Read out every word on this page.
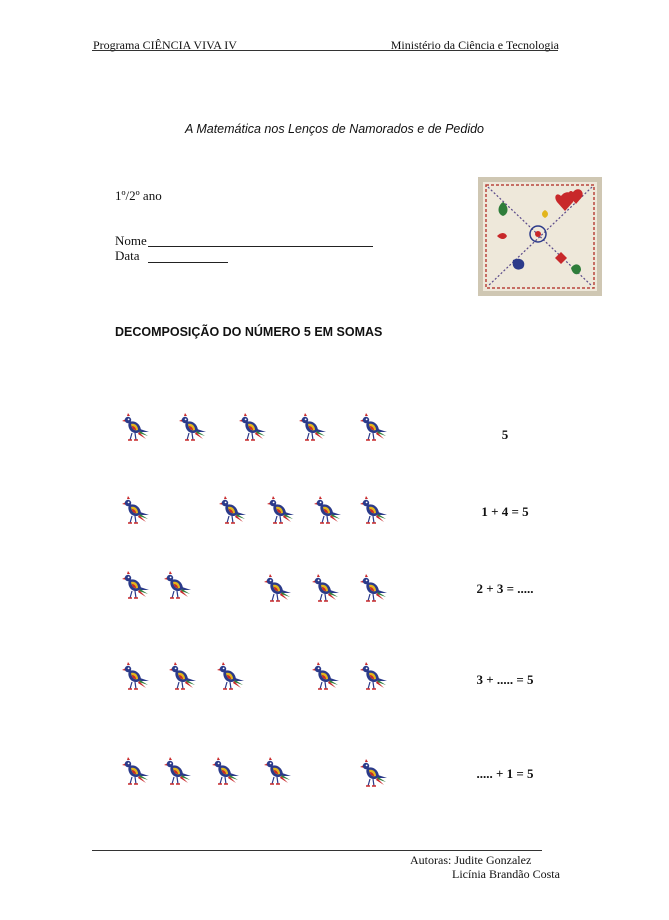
Programa CIÊNCIA VIVA IV	Ministério da Ciência e Tecnologia
A Matemática nos Lenços de Namorados e de Pedido
1º/2º ano
Nome
Data
DECOMPOSIÇÃO DO NÚMERO 5 EM SOMAS
5
1 + 4 = 5
2 + 3 = .....
3 + ..... = 5
..... + 1 = 5
Autoras: Judite Gonzalez
Licínia Brandão Costa
